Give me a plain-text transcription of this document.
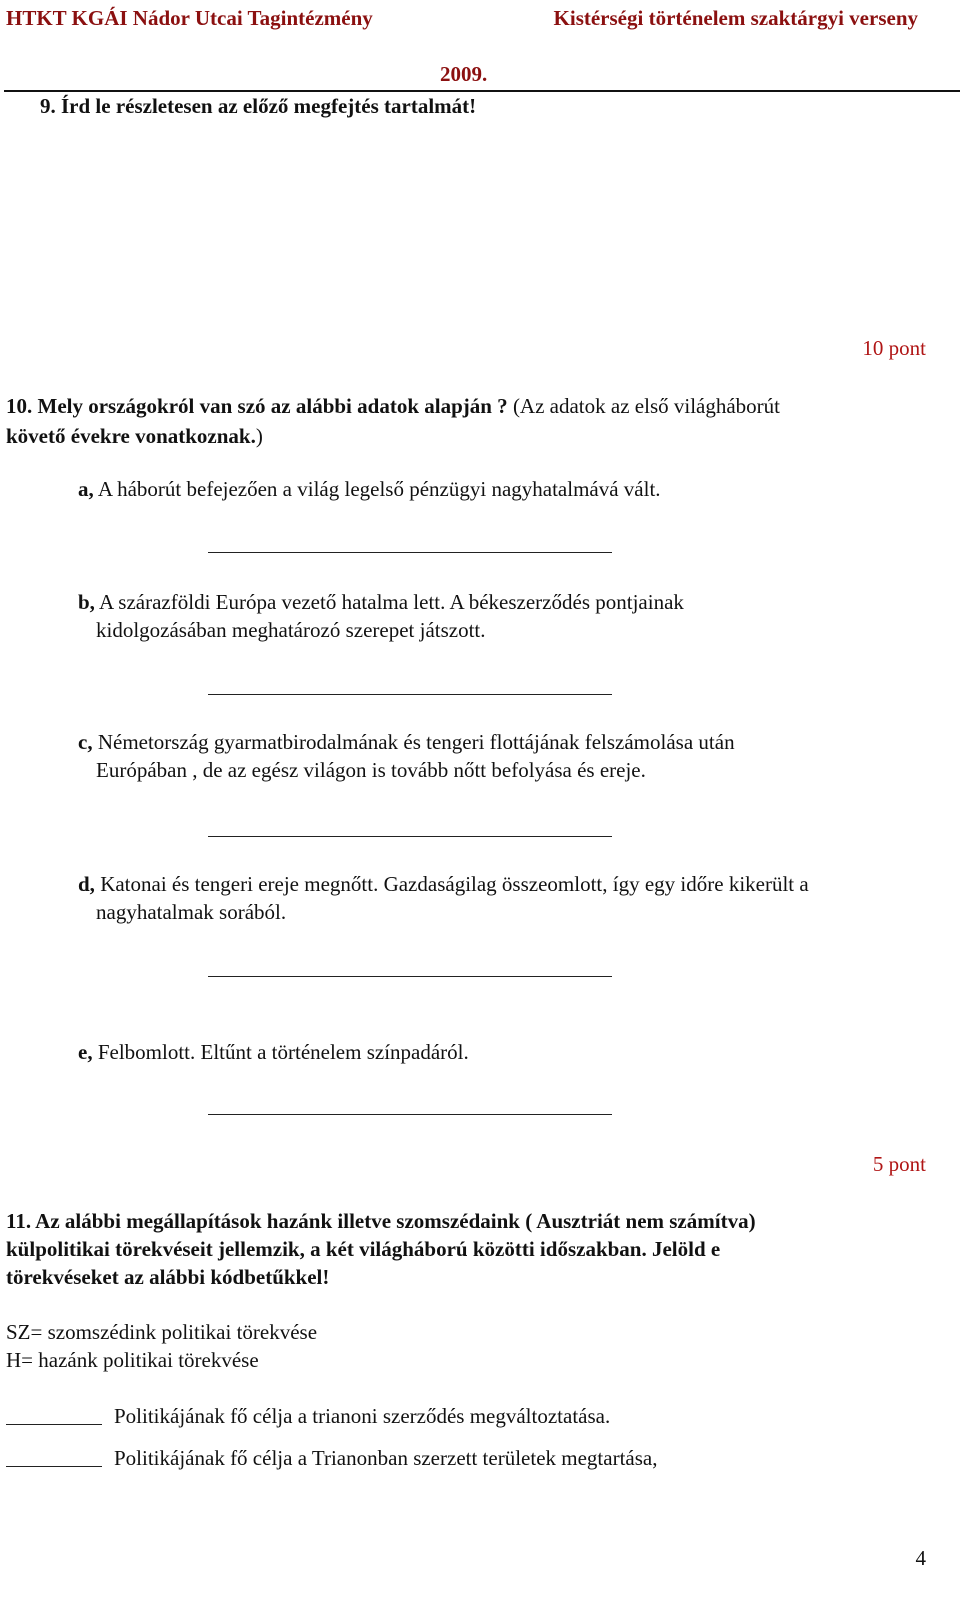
HTKT KGÁI Nádor Utcai Tagintézmény	Kistérségi történelem szaktárgyi verseny
2009.
9. Írd le részletesen az előző megfejtés tartalmát!
10 pont
10. Mely országokról van szó az alábbi adatok alapján ? (Az adatok az első világháborút
követő évekre vonatkoznak.)
a, A háborút befejezően a világ legelső pénzügyi nagyhatalmává vált.
b, A szárazföldi Európa vezető hatalma lett. A békeszerződés pontjainak
kidolgozásában meghatározó szerepet játszott.
c, Németország gyarmatbirodalmának és tengeri flottájának felszámolása után
Európában , de az egész világon is tovább nőtt befolyása és ereje.
d, Katonai és tengeri ereje megnőtt. Gazdaságilag összeomlott, így egy időre kikerült a
nagyhatalmak sorából.
e, Felbomlott. Eltűnt a történelem színpadáról.
5 pont
11. Az alábbi megállapítások hazánk illetve szomszédaink ( Ausztriát nem számítva)
külpolitikai törekvéseit jellemzik, a két világháború közötti időszakban. Jelöld e
törekvéseket az alábbi kódbetűkkel!
SZ= szomszédink politikai törekvése
H= hazánk politikai törekvése
Politikájának fő célja a trianoni szerződés megváltoztatása.
Politikájának fő célja a Trianonban szerzett területek megtartása,
4
